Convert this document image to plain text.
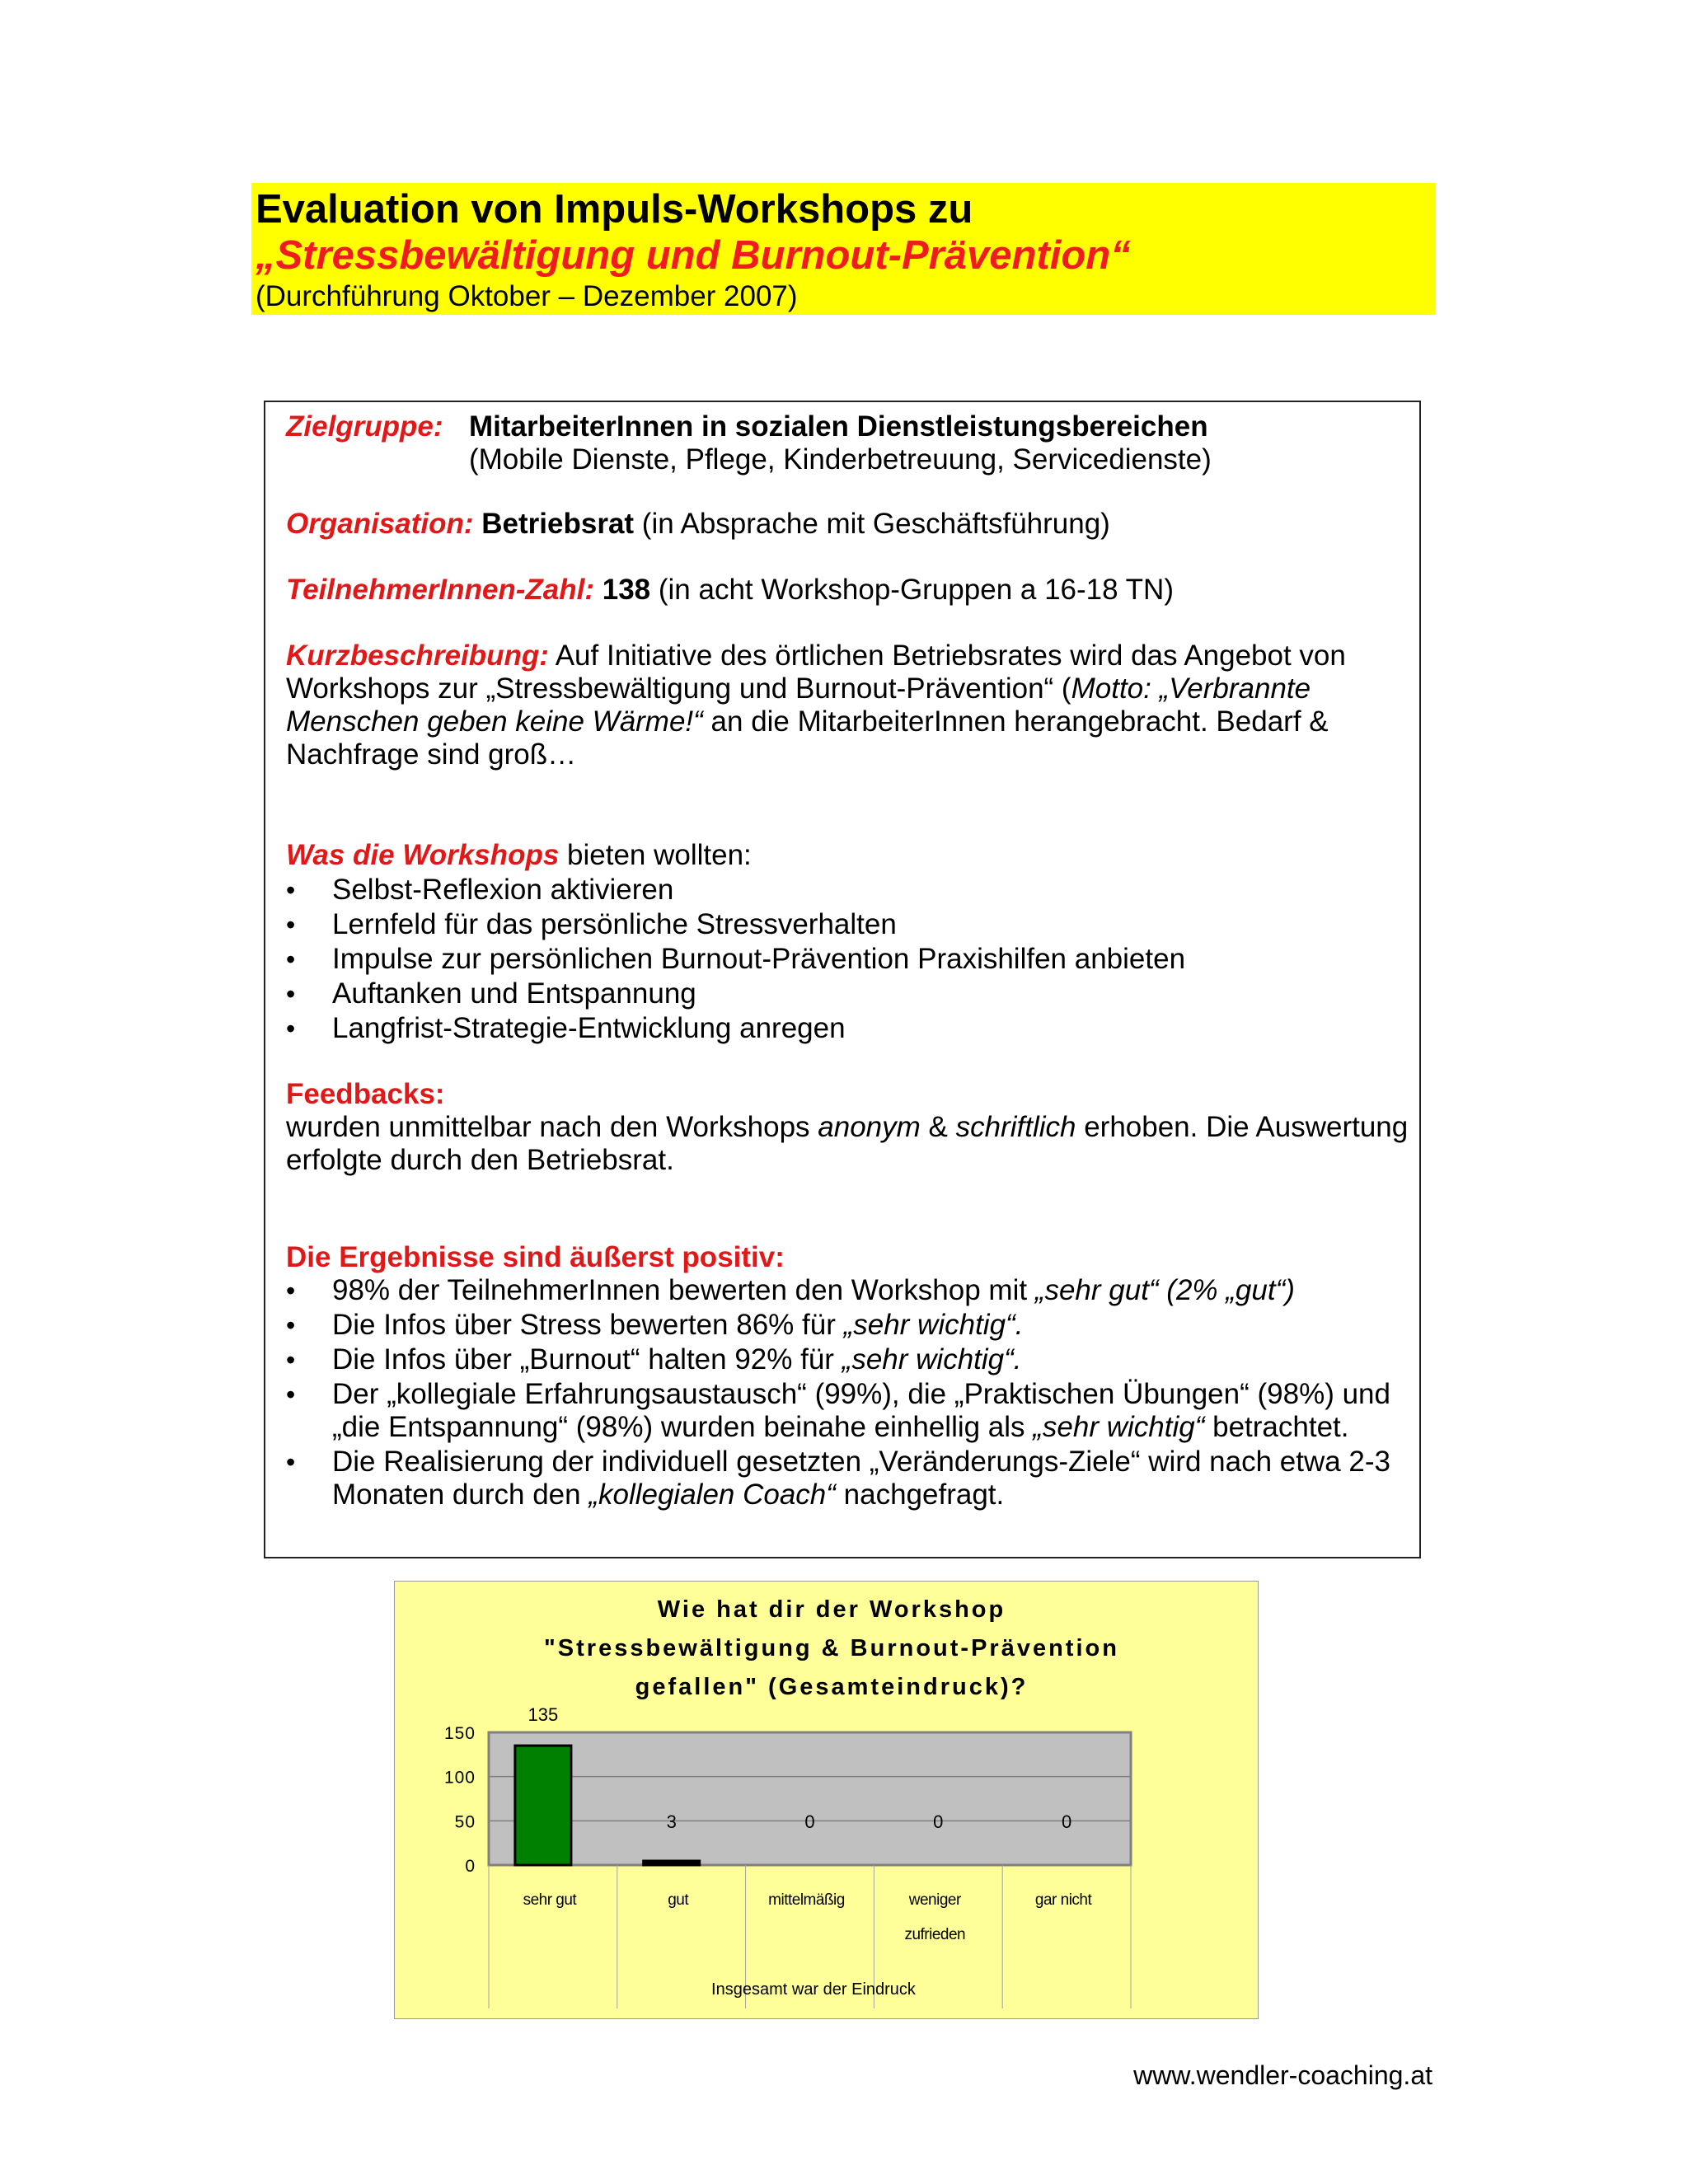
Evaluation von Impuls-Workshops zu
„Stressbewältigung und Burnout-Prävention“
(Durchführung Oktober – Dezember 2007)
Zielgruppe: MitarbeiterInnen in sozialen Dienstleistungsbereichen
(Mobile Dienste, Pflege, Kinderbetreuung, Servicedienste)
Organisation: Betriebsrat (in Absprache mit Geschäftsführung)
TeilnehmerInnen-Zahl: 138 (in acht Workshop-Gruppen a 16-18 TN)
Kurzbeschreibung: Auf Initiative des örtlichen Betriebsrates wird das Angebot von
Workshops zur „Stressbewältigung und Burnout-Prävention“ (Motto: „Verbrannte
Menschen geben keine Wärme!“ an die MitarbeiterInnen herangebracht. Bedarf &
Nachfrage sind groß…
Was die Workshops bieten wollten:
• Selbst-Reflexion aktivieren
• Lernfeld für das persönliche Stressverhalten
• Impulse zur persönlichen Burnout-Prävention Praxishilfen anbieten
• Auftanken und Entspannung
• Langfrist-Strategie-Entwicklung anregen
Feedbacks:
wurden unmittelbar nach den Workshops anonym & schriftlich erhoben. Die Auswertung
erfolgte durch den Betriebsrat.
Die Ergebnisse sind äußerst positiv:
• 98% der TeilnehmerInnen bewerten den Workshop mit „sehr gut“ (2% „gut“)
• Die Infos über Stress bewerten 86% für „sehr wichtig“.
• Die Infos über „Burnout“ halten 92% für „sehr wichtig“.
• Der „kollegiale Erfahrungsaustausch“ (99%), die „Praktischen Übungen“ (98%) und
„die Entspannung“ (98%) wurden beinahe einhellig als „sehr wichtig“ betrachtet.
• Die Realisierung der individuell gesetzten „Veränderungs-Ziele“ wird nach etwa 2-3
Monaten durch den „kollegialen Coach“ nachgefragt.
Wie hat dir der Workshop
"Stressbewältigung & Burnout-Prävention
gefallen" (Gesamteindruck)?
0
50
100
150
135
sehr gut
3
gut
0
mittelmäßig
0
weniger
zufrieden
0
gar nicht
Insgesamt war der Eindruck
www.wendler-coaching.at
